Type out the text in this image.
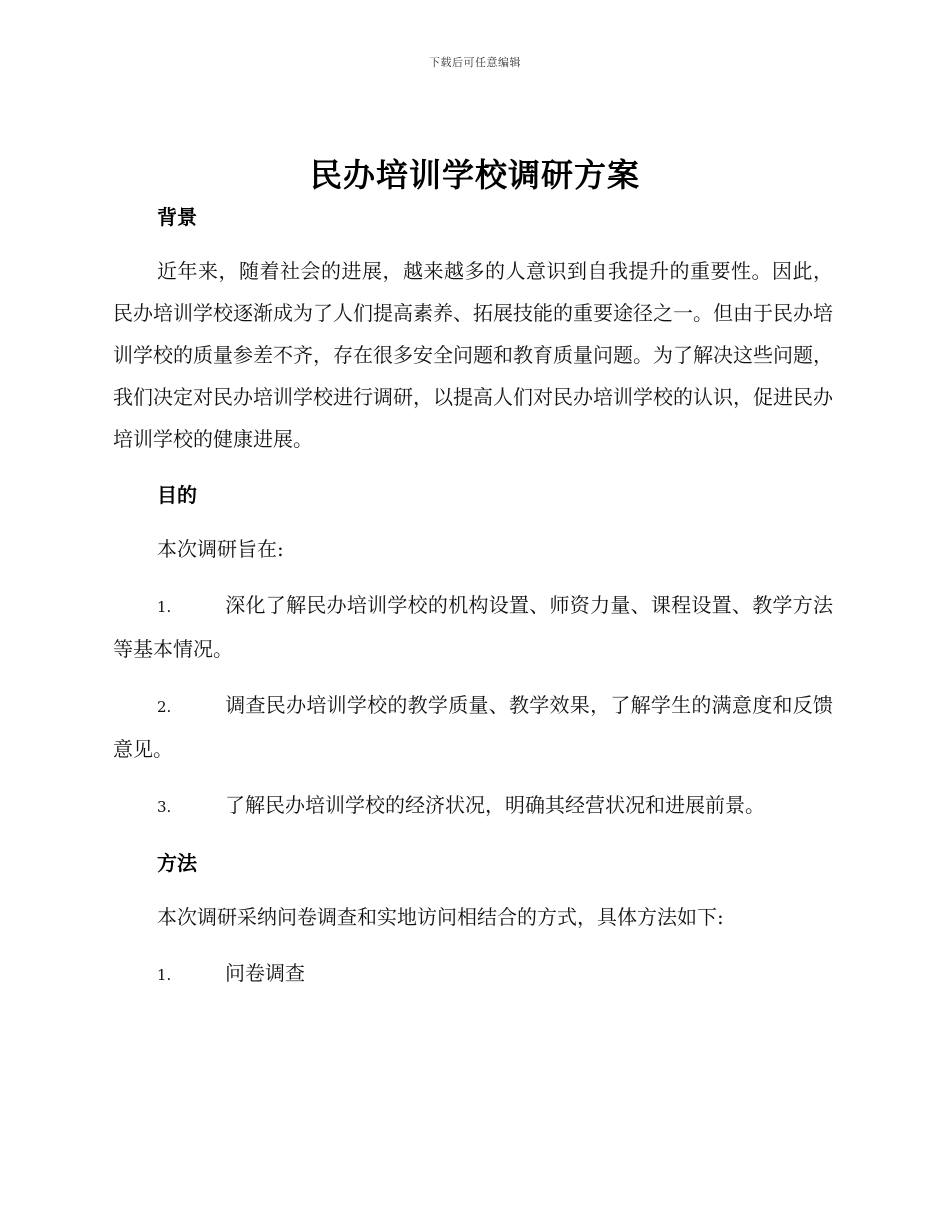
下载后可任意编辑
民办培训学校调研方案

背景

近年来，随着社会的进展，越来越多的人意识到自我提升的重要性。因此，民办培训学校逐渐成为了人们提高素养、拓展技能的重要途径之一。但由于民办培训学校的质量参差不齐，存在很多安全问题和教育质量问题。为了解决这些问题，我们决定对民办培训学校进行调研，以提高人们对民办培训学校的认识，促进民办培训学校的健康进展。

目的

本次调研旨在:

1.	深化了解民办培训学校的机构设置、师资力量、课程设置、教学方法等基本情况。

2.	调查民办培训学校的教学质量、教学效果，了解学生的满意度和反馈意见。

3.	了解民办培训学校的经济状况，明确其经营状况和进展前景。

方法

本次调研采纳问卷调查和实地访问相结合的方式，具体方法如下:

1.	问卷调查
